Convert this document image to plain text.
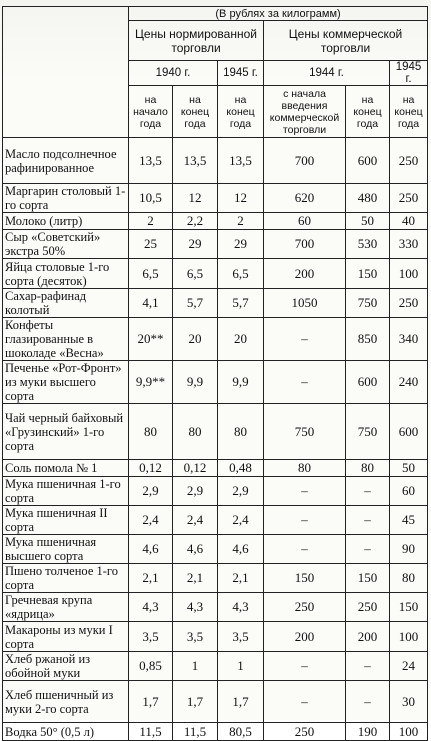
	(В рублях за килограмм)					
	Цены нормированной торговли			Цены коммерческой торговли		
	1940 г.		1945 г.	1944 г.		1945 г.
	на начало года	на конец года	на конец года	с начала введения коммерческой торговли	на конец года	на конец года
Масло подсолнечное рафинированное	13,5	13,5	13,5	700	600	250
Маргарин столовый 1-го сорта	10,5	12	12	620	480	250
Молоко (литр)	2	2,2	2	60	50	40
Сыр «Советский» экстра 50%	25	29	29	700	530	330
Яйца столовые 1-го сорта (десяток)	6,5	6,5	6,5	200	150	100
Сахар-рафинад колотый	4,1	5,7	5,7	1050	750	250
Конфеты глазированные в шоколаде «Весна»	20**	20	20	–	850	340
Печенье «Рот-Фронт» из муки высшего сорта	9,9**	9,9	9,9	–	600	240
Чай черный байховый «Грузинский» 1-го сорта	80	80	80	750	750	600
Соль помола № 1	0,12	0,12	0,48	80	80	50
Мука пшеничная 1-го сорта	2,9	2,9	2,9	–	–	60
Мука пшеничная II сорта	2,4	2,4	2,4	–	–	45
Мука пшеничная высшего сорта	4,6	4,6	4,6	–	–	90
Пшено толченое 1-го сорта	2,1	2,1	2,1	150	150	80
Гречневая крупа «ядрица»	4,3	4,3	4,3	250	250	150
Макароны из муки I сорта	3,5	3,5	3,5	200	200	100
Хлеб ржаной из обойной муки	0,85	1	1	–	–	24
Хлеб пшеничный из муки 2-го сорта	1,7	1,7	1,7	–	–	30
Водка 50° (0,5 л)	11,5	11,5	80,5	250	190	100
